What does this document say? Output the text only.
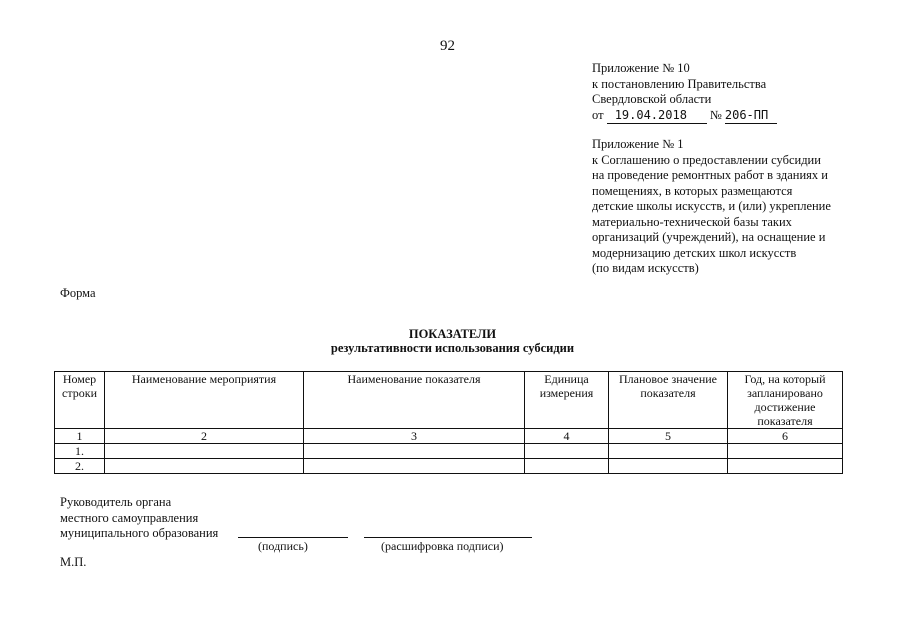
92
Приложение № 10
к постановлению Правительства
Свердловской области
от 19.04.2018 № 206-ПП
Приложение № 1
к Соглашению о предоставлении субсидии
на проведение ремонтных работ в зданиях и
помещениях, в которых размещаются
детские школы искусств, и (или) укрепление
материально-технической базы таких
организаций (учреждений), на оснащение и
модернизацию детских школ искусств
(по видам искусств)
Форма
ПОКАЗАТЕЛИ
результативности использования субсидии
Номер строки	Наименование мероприятия	Наименование показателя	Единица измерения	Плановое значение показателя	Год, на который запланировано достижение показателя
1	2	3	4	5	6
1.					
2.					
Руководитель органа
местного самоуправления
муниципального образования
(подпись)	(расшифровка подписи)
М.П.
